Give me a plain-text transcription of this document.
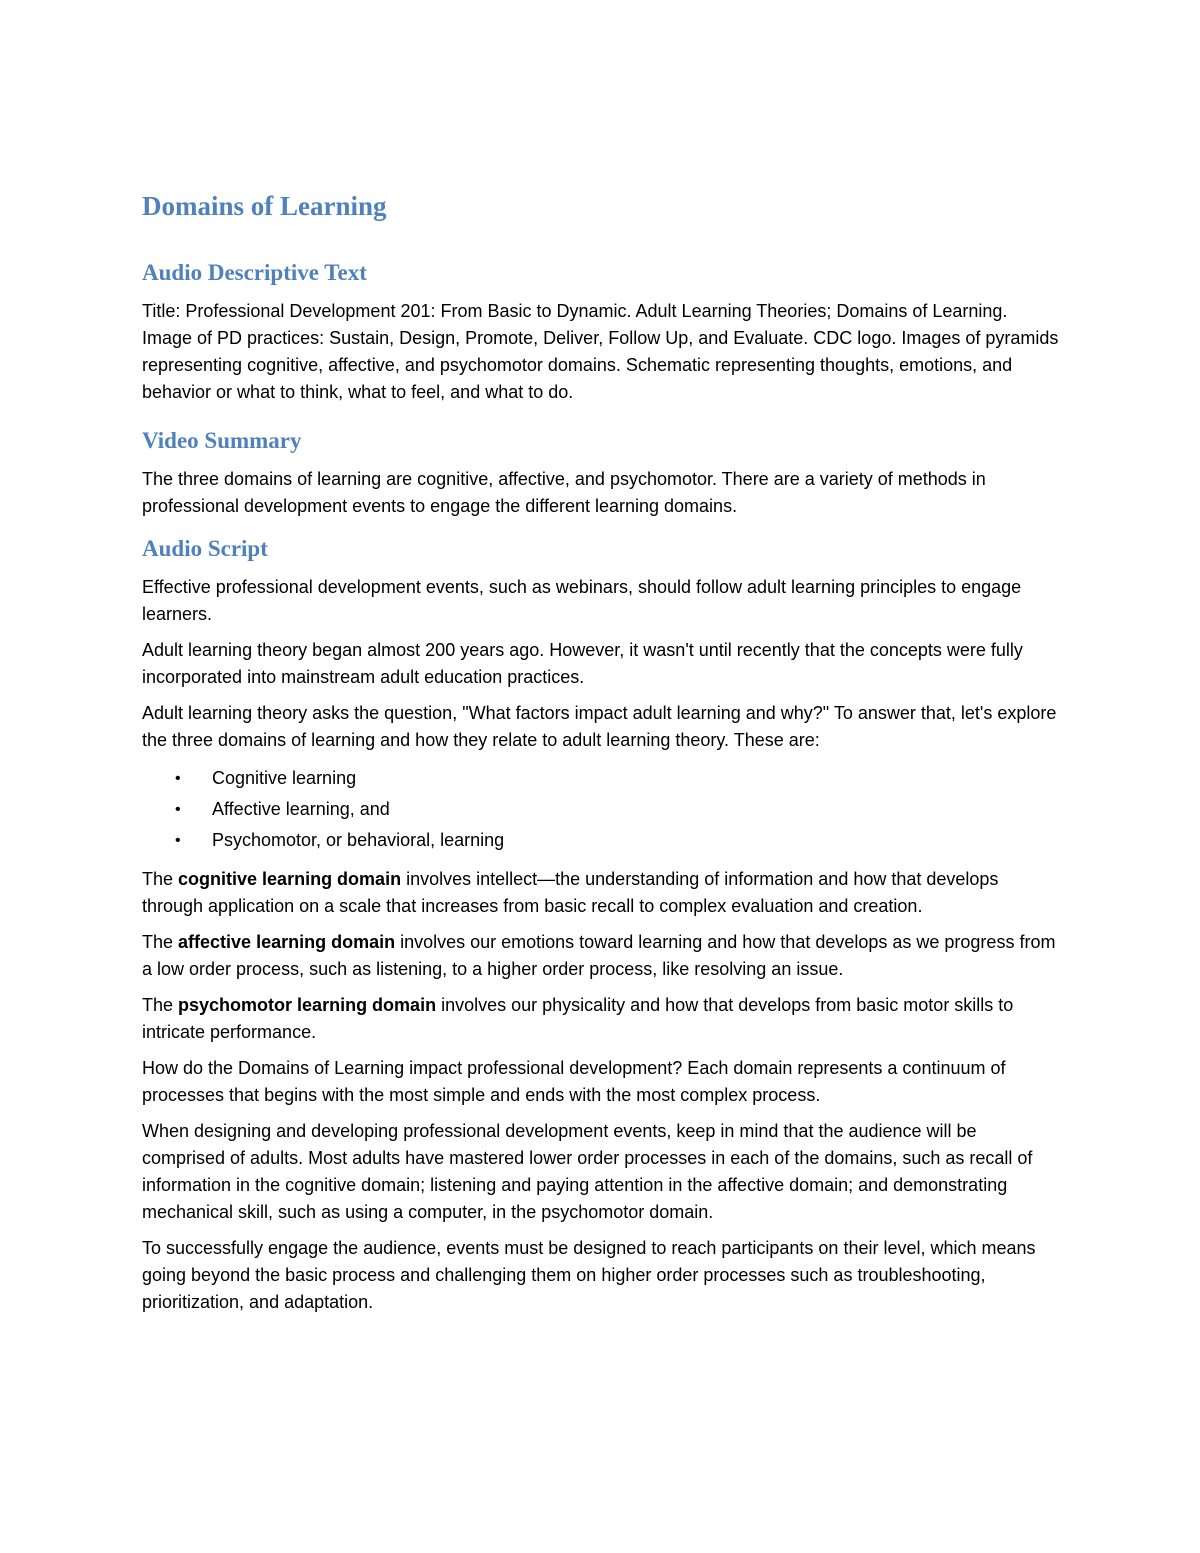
Domains of Learning
Audio Descriptive Text

Title: Professional Development 201: From Basic to Dynamic. Adult Learning Theories; Domains of Learning. Image of PD practices: Sustain, Design, Promote, Deliver, Follow Up, and Evaluate. CDC logo. Images of pyramids representing cognitive, affective, and psychomotor domains. Schematic representing thoughts, emotions, and behavior or what to think, what to feel, and what to do.

Video Summary

The three domains of learning are cognitive, affective, and psychomotor. There are a variety of methods in professional development events to engage the different learning domains.

Audio Script

Effective professional development events, such as webinars, should follow adult learning principles to engage learners.

Adult learning theory began almost 200 years ago. However, it wasn't until recently that the concepts were fully incorporated into mainstream adult education practices.

Adult learning theory asks the question, "What factors impact adult learning and why?" To answer that, let's explore the three domains of learning and how they relate to adult learning theory. These are:

• Cognitive learning
• Affective learning, and
• Psychomotor, or behavioral, learning

The cognitive learning domain involves intellect—the understanding of information and how that develops through application on a scale that increases from basic recall to complex evaluation and creation.

The affective learning domain involves our emotions toward learning and how that develops as we progress from a low order process, such as listening, to a higher order process, like resolving an issue.

The psychomotor learning domain involves our physicality and how that develops from basic motor skills to intricate performance.

How do the Domains of Learning impact professional development? Each domain represents a continuum of processes that begins with the most simple and ends with the most complex process.

When designing and developing professional development events, keep in mind that the audience will be comprised of adults. Most adults have mastered lower order processes in each of the domains, such as recall of information in the cognitive domain; listening and paying attention in the affective domain; and demonstrating mechanical skill, such as using a computer, in the psychomotor domain.

To successfully engage the audience, events must be designed to reach participants on their level, which means going beyond the basic process and challenging them on higher order processes such as troubleshooting, prioritization, and adaptation.
